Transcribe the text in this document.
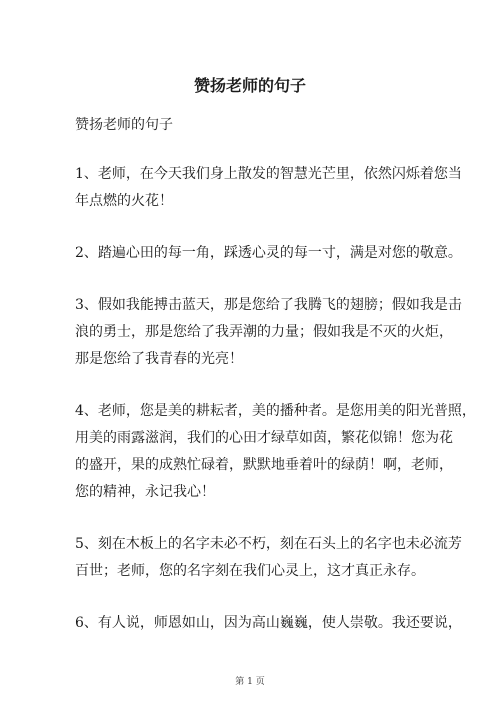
赞扬老师的句子

赞扬老师的句子

1、老师，在今天我们身上散发的智慧光芒里，依然闪烁着您当
年点燃的火花！
2、踏遍心田的每一角，踩透心灵的每一寸，满是对您的敬意。
3、假如我能搏击蓝天，那是您给了我腾飞的翅膀；假如我是击
浪的勇士，那是您给了我弄潮的力量；假如我是不灭的火炬，
那是您给了我青春的光亮！
4、老师，您是美的耕耘者，美的播种者。是您用美的阳光普照，
用美的雨露滋润，我们的心田才绿草如茵，繁花似锦！您为花
的盛开，果的成熟忙碌着，默默地垂着叶的绿荫！啊，老师，
您的精神，永记我心！
5、刻在木板上的名字未必不朽，刻在石头上的名字也未必流芳
百世；老师，您的名字刻在我们心灵上，这才真正永存。
6、有人说，师恩如山，因为高山巍巍，使人崇敬。我还要说，
第 1 页
